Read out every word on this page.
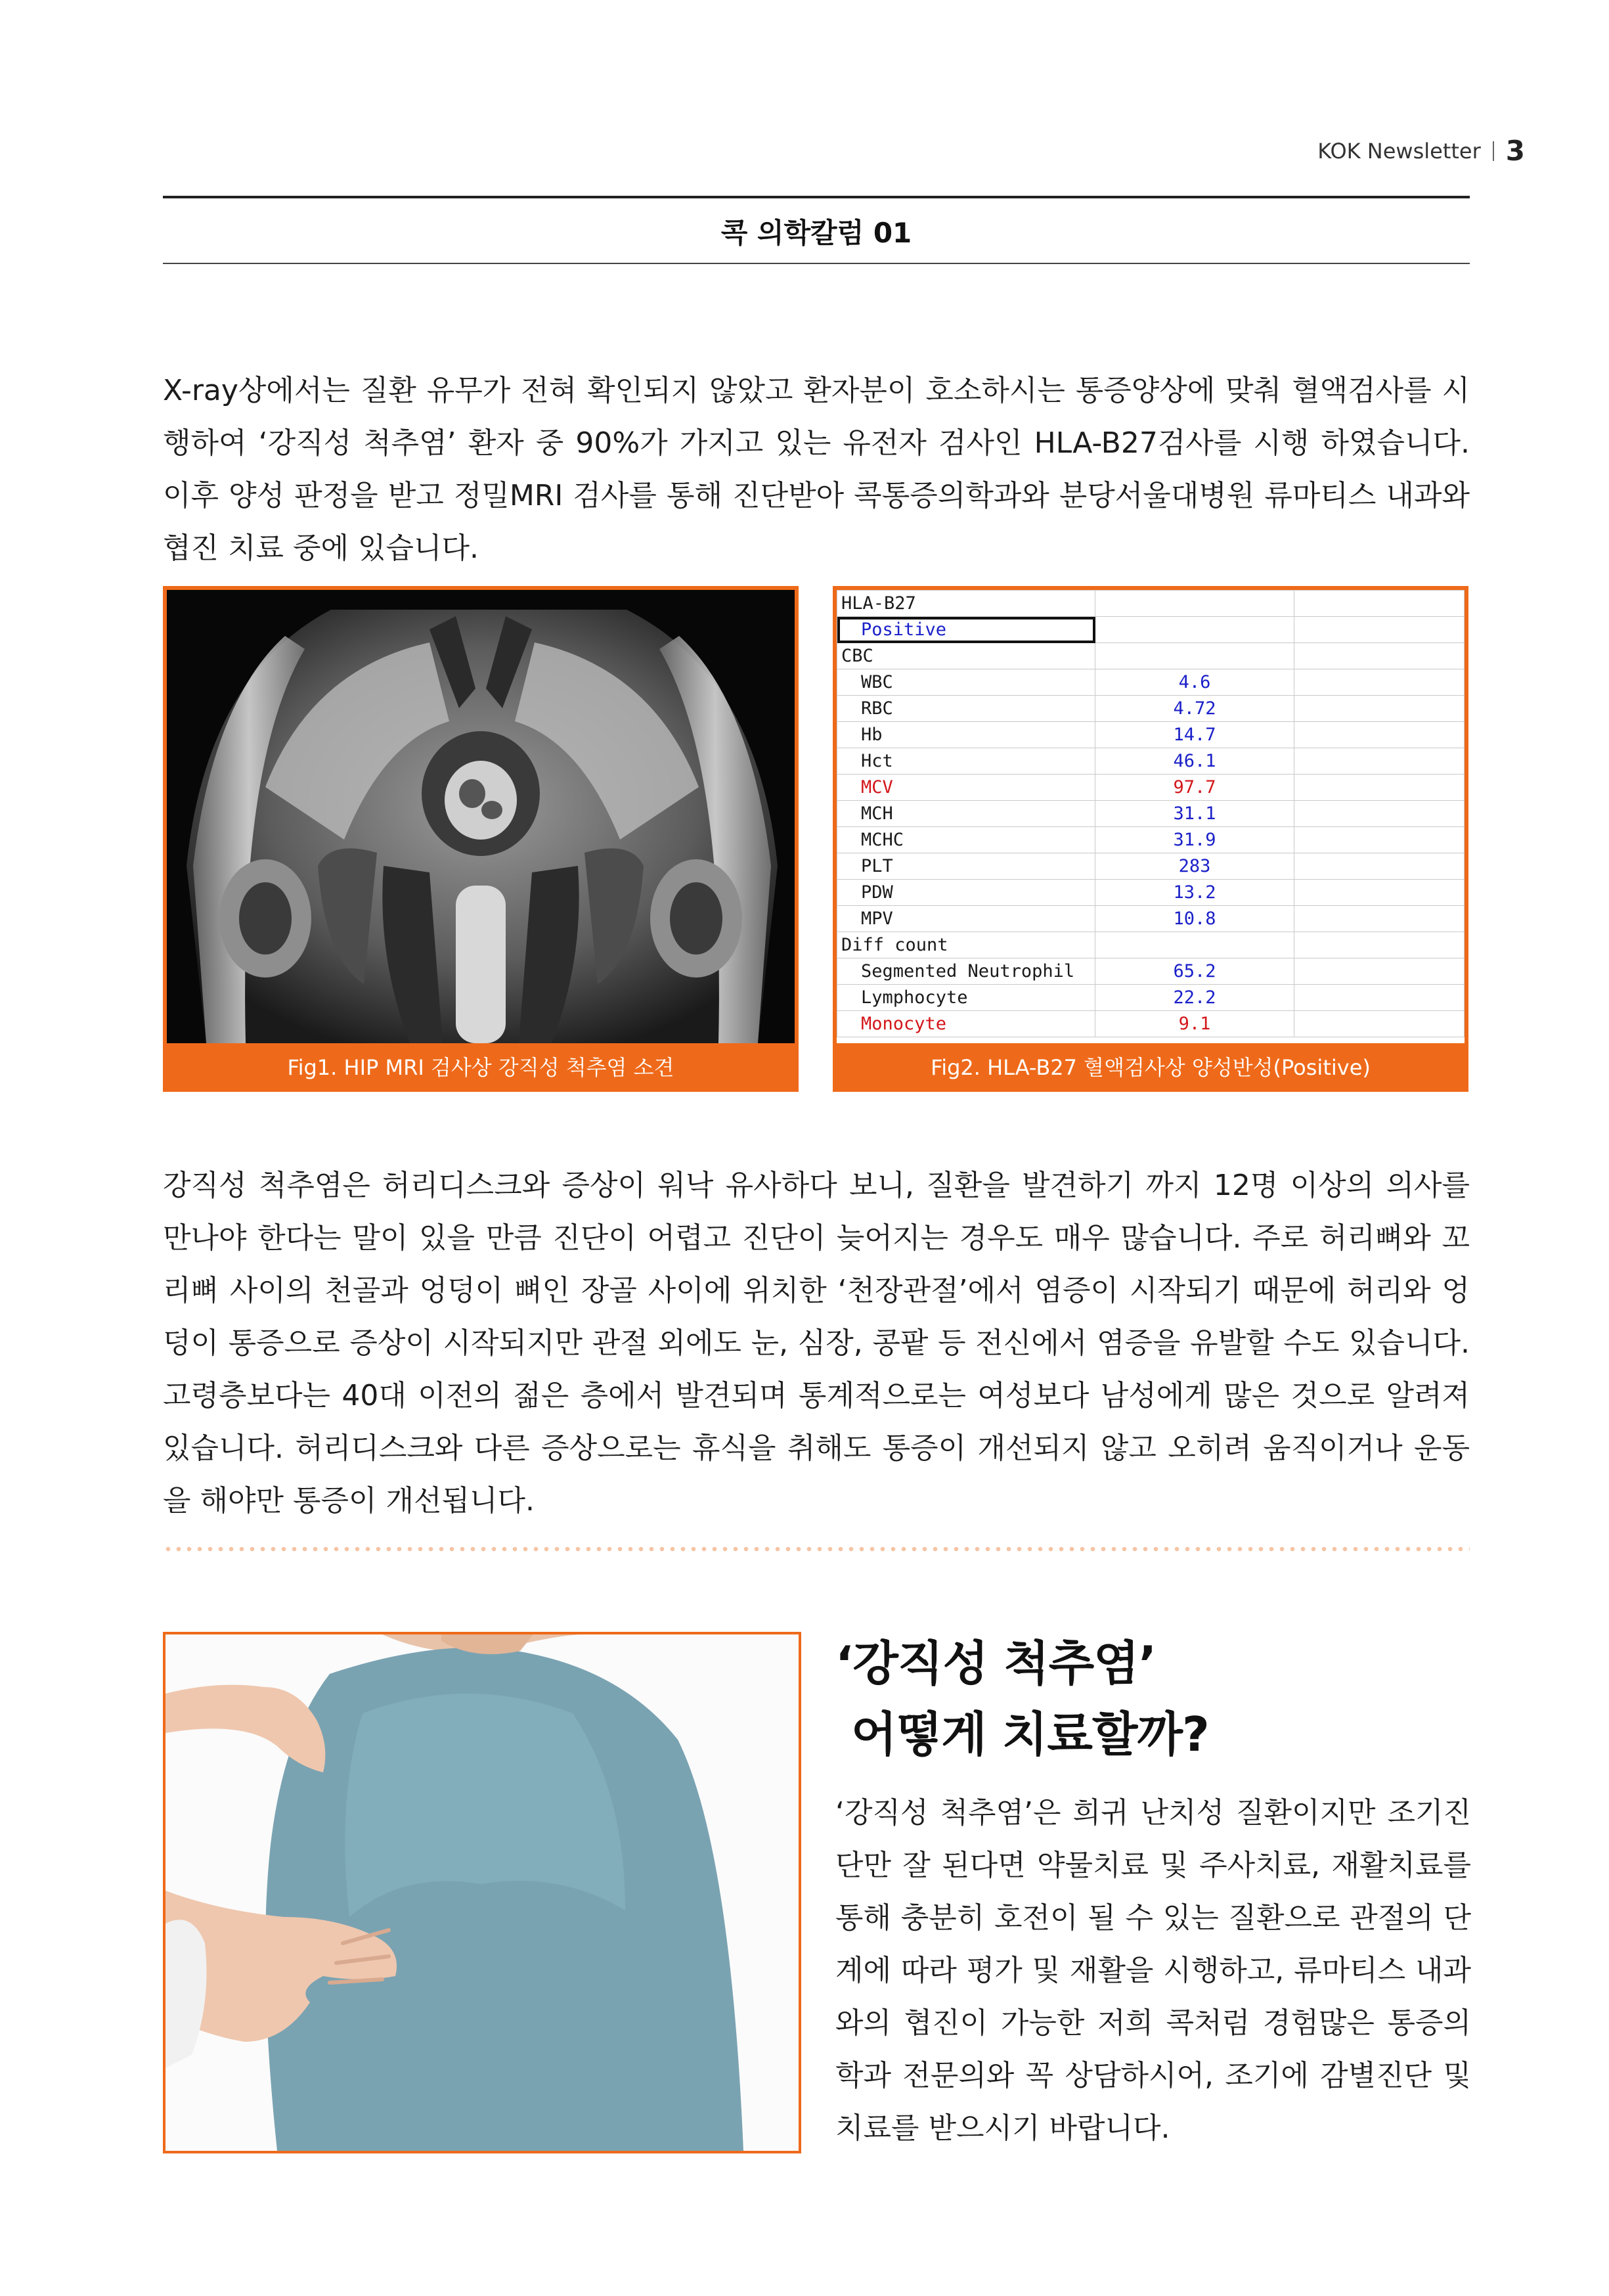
KOK Newsletter 3
콕 의학칼럼 01

X-ray상에서는 질환 유무가 전혀 확인되지 않았고 환자분이 호소하시는 통증양상에 맞춰 혈액검사를 시행하여 ‘강직성 척추염’ 환자 중 90%가 가지고 있는 유전자 검사인 HLA-B27검사를 시행 하였습니다. 이후 양성 판정을 받고 정밀MRI 검사를 통해 진단받아 콕통증의학과와 분당서울대병원 류마티스 내과와 협진 치료 중에 있습니다.

Fig1. HIP MRI 검사상 강직성 척추염 소견
HLA-B27		
Positive		
CBC		
WBC	4.6	
RBC	4.72	
Hb	14.7	
Hct	46.1	
MCV	97.7	
MCH	31.1	
MCHC	31.9	
PLT	283	
PDW	13.2	
MPV	10.8	
Diff count		
Segmented Neutrophil	65.2	
Lymphocyte	22.2	
Monocyte	9.1	
Fig2. HLA-B27 혈액검사상 양성반성(Positive)

강직성 척추염은 허리디스크와 증상이 워낙 유사하다 보니, 질환을 발견하기 까지 12명 이상의 의사를 만나야 한다는 말이 있을 만큼 진단이 어렵고 진단이 늦어지는 경우도 매우 많습니다. 주로 허리뼈와 꼬리뼈 사이의 천골과 엉덩이 뼈인 장골 사이에 위치한 ‘천장관절’에서 염증이 시작되기 때문에 허리와 엉덩이 통증으로 증상이 시작되지만 관절 외에도 눈, 심장, 콩팥 등 전신에서 염증을 유발할 수도 있습니다. 고령층보다는 40대 이전의 젊은 층에서 발견되며 통계적으로는 여성보다 남성에게 많은 것으로 알려져 있습니다. 허리디스크와 다른 증상으로는 휴식을 취해도 통증이 개선되지 않고 오히려 움직이거나 운동을 해야만 통증이 개선됩니다.

‘강직성 척추염’
어떻게 치료할까?

‘강직성 척추염’은 희귀 난치성 질환이지만 조기진단만 잘 된다면 약물치료 및 주사치료, 재활치료를 통해 충분히 호전이 될 수 있는 질환으로 관절의 단계에 따라 평가 및 재활을 시행하고, 류마티스 내과와의 협진이 가능한 저희 콕처럼 경험많은 통증의학과 전문의와 꼭 상담하시어, 조기에 감별진단 및 치료를 받으시기 바랍니다.
